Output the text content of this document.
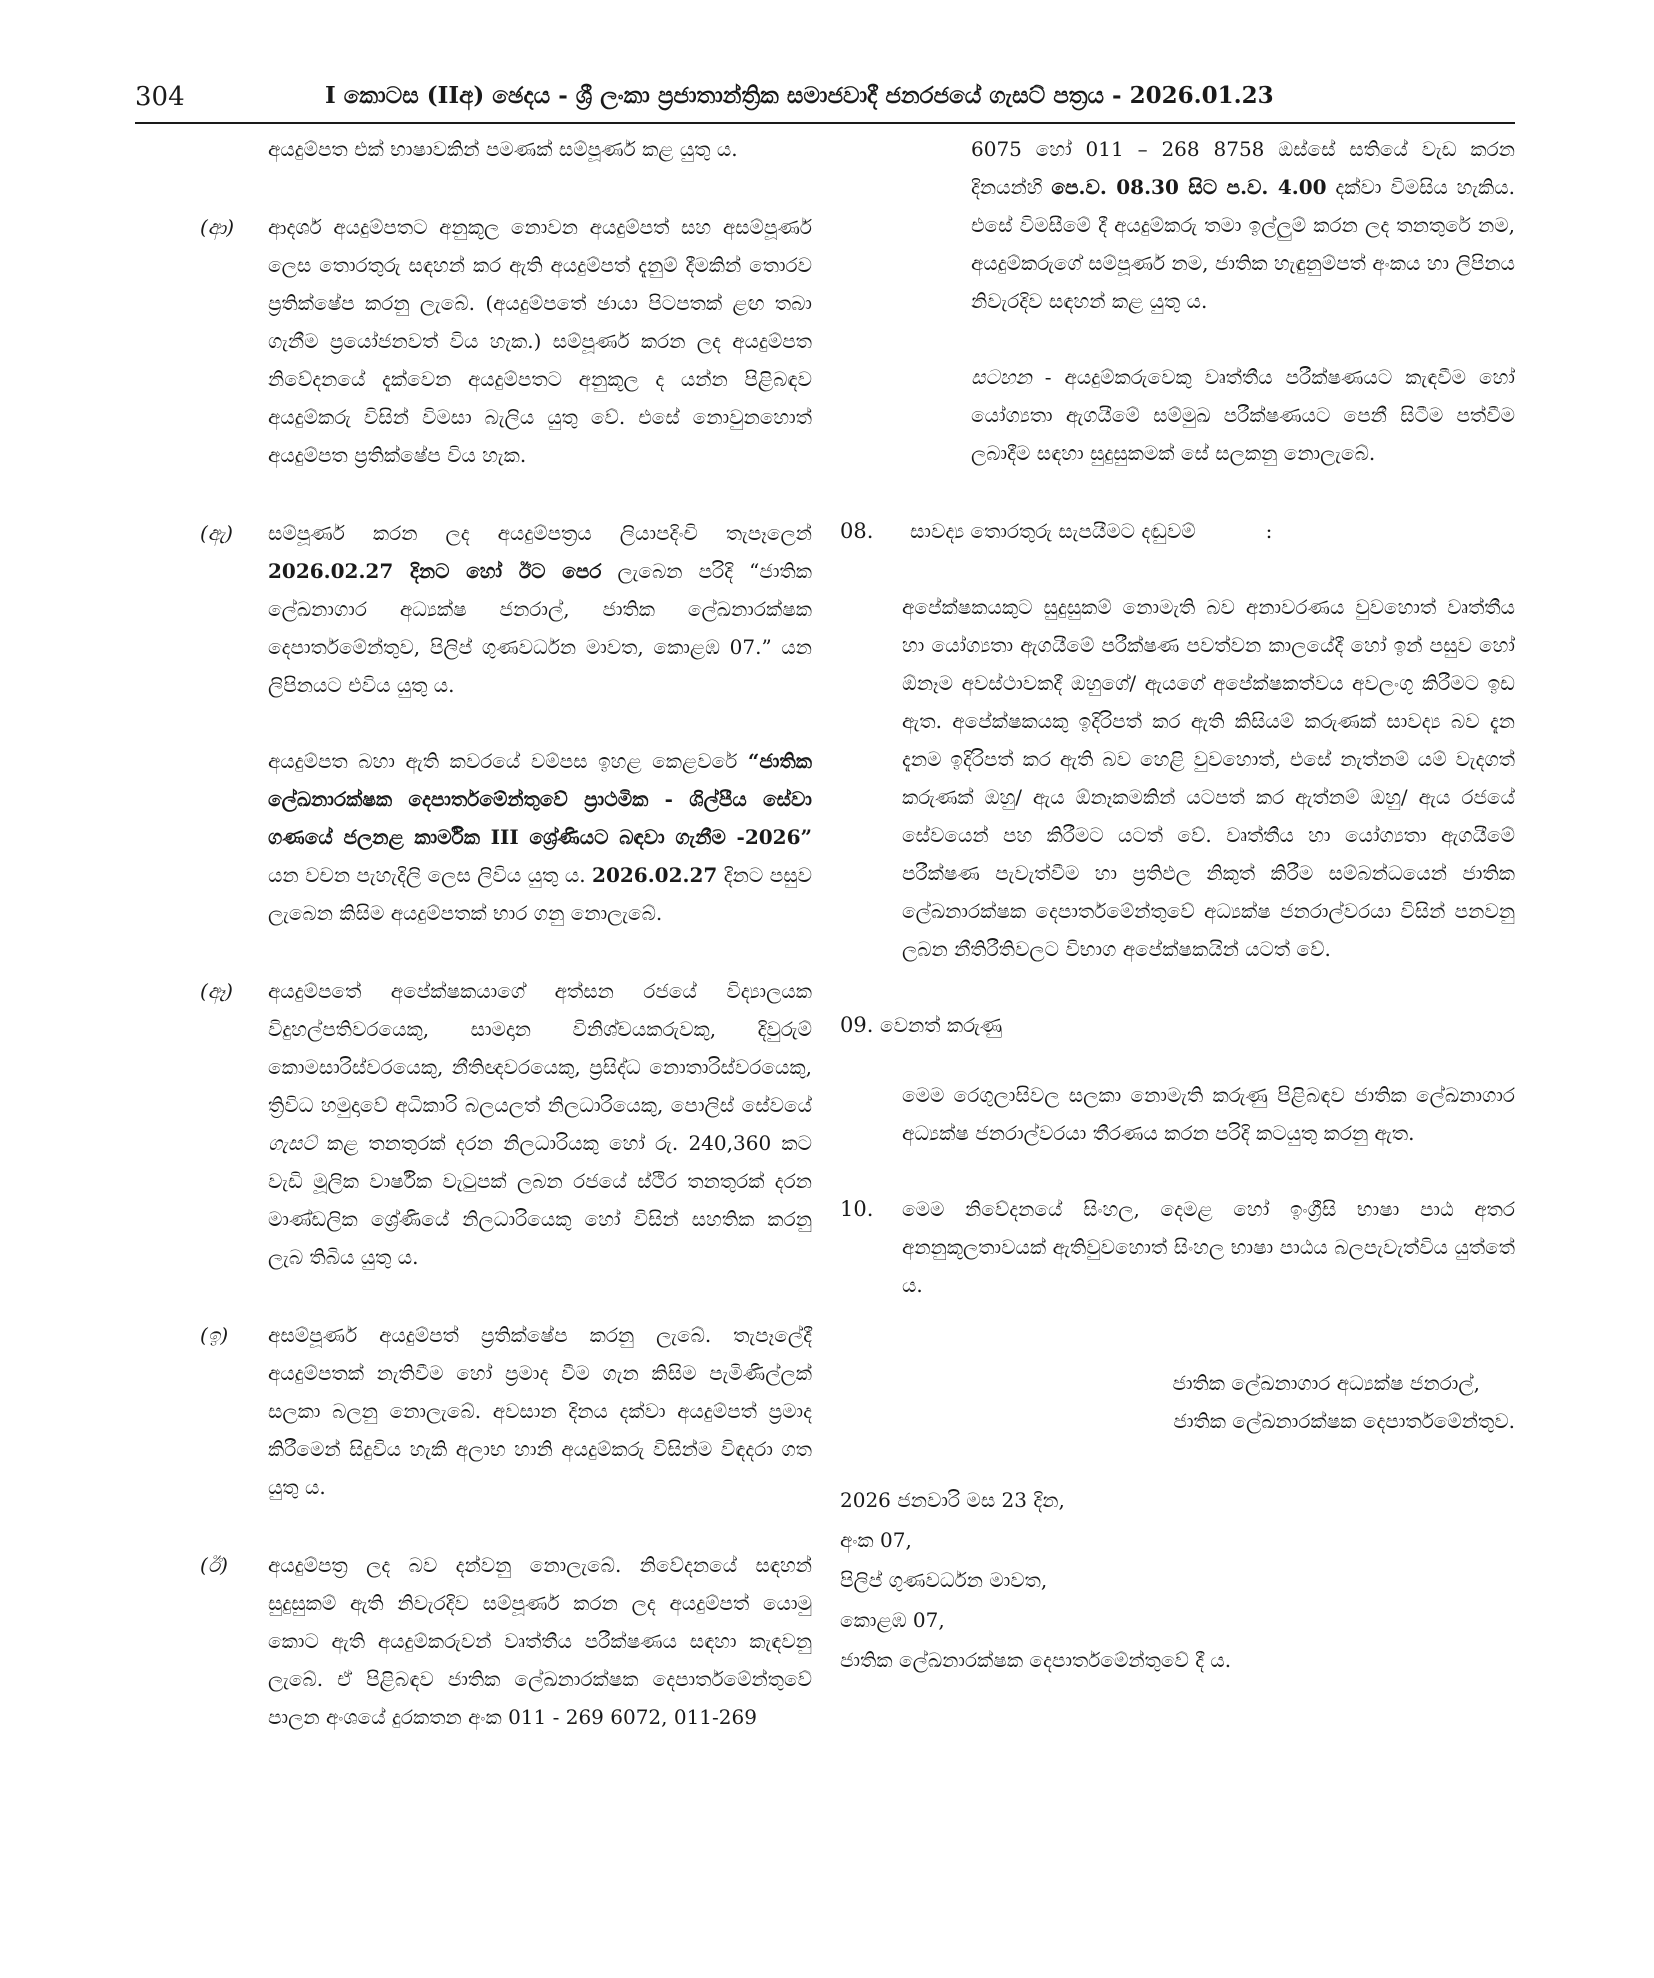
304	I කොටස (IIඅ) ඡෙදය - ශ්‍රී ලංකා ප්‍රජාතාන්ත්‍රික සමාජවාදී ජනරජයේ ගැසට් පත්‍රය - 2026.01.23

අයදුම්පත එක් භාෂාවකින් පමණක් සම්පූර්ණ කළ යුතු ය.

(ආ)	ආදර්ශ අයදුම්පතට අනුකූල නොවන අයදුම්පත් සහ අසම්පූර්ණ ලෙස තොරතුරු සඳහන් කර ඇති අයදුම්පත් දැනුම් දීමකින් තොරව ප්‍රතික්ෂේප කරනු ලැබේ. (අයදුම්පතේ ඡායා පිටපතක් ළඟ තබා ගැනීම ප්‍රයෝජනවත් විය හැක.) සම්පූර්ණ කරන ලද අයදුම්පත නිවේදනයේ දැක්වෙන අයදුම්පතට අනුකූල ද යන්න පිළිබඳව අයදුම්කරු විසින් විමසා බැලිය යුතු වේ. එසේ නොවුනහොත් අයදුම්පත ප්‍රතික්ෂේප විය හැක.

(ඇ)	සම්පූර්ණ කරන ලද අයදුම්පත්‍රය ලියාපදිංචි තැපෑලෙන් 2026.02.27 දිනට හෝ ඊට පෙර ලැබෙන පරිදි “ජාතික ලේඛනාගාර අධ්‍යක්ෂ ජනරාල්, ජාතික ලේඛනාරක්ෂක දෙපාර්තමේන්තුව, පිලිප් ගුණවර්ධන මාවත, කොළඹ 07.” යන ලිපිනයට එවිය යුතු ය.

අයදුම්පත බහා ඇති කවරයේ වම්පස ඉහළ කෙළවරේ “ජාතික ලේඛනාරක්ෂක දෙපාර්තමේන්තුවේ ප්‍රාථමික - ශිල්පීය සේවා ගණයේ ජලනළ කාර්මික III ශ්‍රේණියට බඳවා ගැනීම -2026” යන වචන පැහැදිලි ලෙස ලිවිය යුතු ය. 2026.02.27 දිනට පසුව ලැබෙන කිසිම අයදුම්පතක් භාර ගනු නොලැබේ.

(ඈ)	අයදුම්පතේ අපේක්ෂකයාගේ අත්සන රජයේ විද්‍යාලයක විදුහල්පතිවරයෙකු, සාමදාන විනිශ්චයකරුවකු, දිවුරුම් කොමසාරිස්වරයෙකු, නීතිඥවරයෙකු, ප්‍රසිද්ධ නොතාරිස්වරයෙකු, ත්‍රිවිධ හමුදාවේ අධිකාරි බලයලත් නිලධාරියෙකු, පොලිස් සේවයේ ගැසට් කළ තනතුරක් දරන නිලධාරියකු හෝ රු. 240,360 කට වැඩි මූලික වාර්ෂික වැටුපක් ලබන රජයේ ස්ථිර තනතුරක් දරන මාණ්ඩලික ශ්‍රේණියේ නිලධාරියෙකු හෝ විසින් සහතික කරනු ලැබ තිබිය යුතු ය.

(ඉ)	අසම්පූර්ණ අයදුම්පත් ප්‍රතික්ෂේප කරනු ලැබේ. තැපෑලේදී අයදුම්පතක් නැතිවීම හෝ ප්‍රමාද වීම ගැන කිසිම පැමිණිල්ලක් සලකා බලනු නොලැබේ. අවසාන දිනය දක්වා අයදුම්පත් ප්‍රමාද කිරීමෙන් සිදුවිය හැකි අලාභ හානි අයදුම්කරු විසින්ම විඳදරා ගත යුතු ය.

(ඊ)	අයදුම්පත්‍ර ලද බව දන්වනු නොලැබේ. නිවේදනයේ සඳහන් සුදුසුකම් ඇති නිවැරදිව සම්පූර්ණ කරන ලද අයදුම්පත් යොමු කොට ඇති අයදුම්කරුවන් වෘත්තීය පරීක්ෂණය සඳහා කැඳවනු ලැබේ. ඒ පිළිබඳව ජාතික ලේඛනාරක්ෂක දෙපාර්තමේන්තුවේ පාලන අංශයේ දුරකතන අංක 011 - 269 6072, 011-269

6075 හෝ 011 – 268 8758 ඔස්සේ සතියේ වැඩ කරන දිනයන්හි පෙ.ව. 08.30 සිට ප.ව. 4.00 දක්වා විමසිය හැකිය. එසේ විමසීමේ දී අයදුම්කරු තමා ඉල්ලුම් කරන ලද තනතුරේ නම, අයදුම්කරුගේ සම්පූර්ණ නම, ජාතික හැඳුනුම්පත් අංකය හා ලිපිනය නිවැරදිව සඳහන් කළ යුතු ය.

සටහන - අයදුම්කරුවෙකු වෘත්තීය පරීක්ෂණයට කැඳවීම හෝ යෝග්‍යතා ඇගයීමේ සම්මුඛ පරීක්ෂණයට පෙනී සිටීම පත්වීම ලබාදීම සඳහා සුදුසුකමක් සේ සලකනු නොලැබේ.

08.	සාවද්‍ය තොරතුරු සැපයීමට දඬුවම්	:

අපේක්ෂකයකුට සුදුසුකම් නොමැති බව අනාවරණය වුවහොත් වෘත්තීය හා යෝග්‍යතා ඇගයීමේ පරීක්ෂණ පවත්වන කාලයේදී හෝ ඉන් පසුව හෝ ඕනෑම අවස්ථාවකදී ඔහුගේ/ ඇයගේ අපේක්ෂකත්වය අවලංගු කිරීමට ඉඩ ඇත. අපේක්ෂකයකු ඉදිරිපත් කර ඇති කිසියම් කරුණක් සාවද්‍ය බව දැන දැනම ඉදිරිපත් කර ඇති බව හෙළි වුවහොත්, එසේ නැත්නම් යම් වැදගත් කරුණක් ඔහු/ ඇය ඕනෑකමකින් යටපත් කර ඇත්නම් ඔහු/ ඇය රජයේ සේවයෙන් පහ කිරීමට යටත් වේ. වෘත්තීය හා යෝග්‍යතා ඇගයීමේ පරීක්ෂණ පැවැත්වීම හා ප්‍රතිඵල නිකුත් කිරීම සම්බන්ධයෙන් ජාතික ලේඛනාරක්ෂක දෙපාර්තමේන්තුවේ අධ්‍යක්ෂ ජනරාල්වරයා විසින් පනවනු ලබන නීතිරීතිවලට විභාග අපේක්ෂකයින් යටත් වේ.

09. වෙනත් කරුණු

මෙම රෙගුලාසිවල සලකා නොමැති කරුණු පිළිබඳව ජාතික ලේඛනාගාර අධ්‍යක්ෂ ජනරාල්වරයා තීරණය කරන පරිදි කටයුතු කරනු ඇත.

10. මෙම නිවේදනයේ සිංහල, දෙමළ හෝ ඉංග්‍රීසි භාෂා පාඨ අතර අනනුකූලතාවයක් ඇතිවුවහොත් සිංහල භාෂා පාඨය බලපැවැත්විය යුත්තේ ය.

ජාතික ලේඛනාගාර අධ්‍යක්ෂ ජනරාල්,

ජාතික ලේඛනාරක්ෂක දෙපාර්තමේන්තුව.

2026 ජනවාරි මස 23 දින,

අංක 07,

පිලිප් ගුණවර්ධන මාවත,

කොළඹ 07,

ජාතික ලේඛනාරක්ෂක දෙපාර්තමේන්තුවේ දී ය.
